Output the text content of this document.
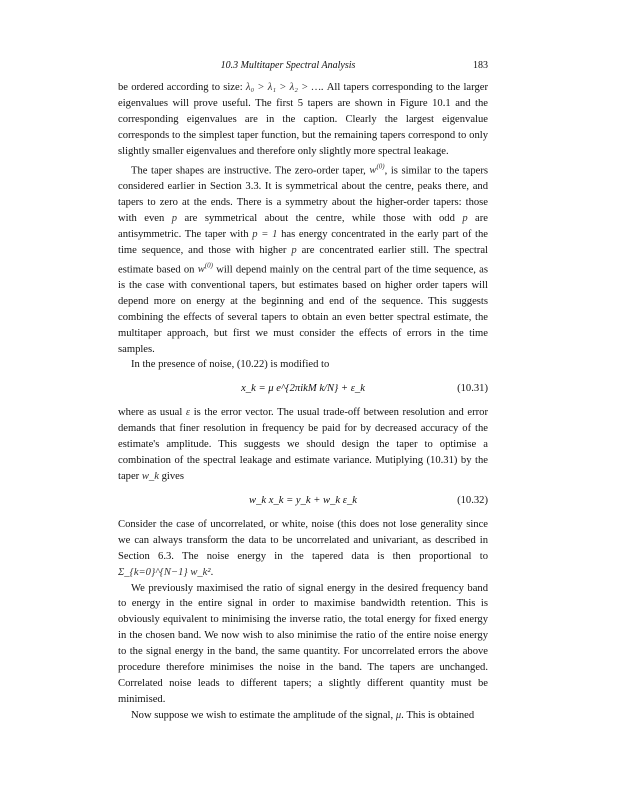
10.3 Multitaper Spectral Analysis	183

be ordered according to size: λ₀ > λ₁ > λ₂ > …. All tapers corresponding to the larger eigenvalues will prove useful. The first 5 tapers are shown in Figure 10.1 and the corresponding eigenvalues are in the caption. Clearly the largest eigenvalue corresponds to the simplest taper function, but the remaining tapers correspond to only slightly smaller eigenvalues and therefore only slightly more spectral leakage.

The taper shapes are instructive. The zero-order taper, $w^{(0)}$, is similar to the tapers considered earlier in Section 3.3. It is symmetrical about the centre, peaks there, and tapers to zero at the ends. There is a symmetry about the higher-order tapers: those with even p are symmetrical about the centre, while those with odd p are antisymmetric. The taper with p = 1 has energy concentrated in the early part of the time sequence, and those with higher p are concentrated earlier still. The spectral estimate based on $w^{(0)}$ will depend mainly on the central part of the time sequence, as is the case with conventional tapers, but estimates based on higher order tapers will depend more on energy at the beginning and end of the sequence. This suggests combining the effects of several tapers to obtain an even better spectral estimate, the multitaper approach, but first we must consider the effects of errors in the time samples.

In the presence of noise, (10.22) is modified to

x_k = μ e^{2πikM k/N} + ε_k	(10.31)

where as usual ε is the error vector. The usual trade-off between resolution and error demands that finer resolution in frequency be paid for by decreased accuracy of the estimate's amplitude. This suggests we should design the taper to optimise a combination of the spectral leakage and estimate variance. Mutiplying (10.31) by the taper w_k gives

w_k x_k = y_k + w_k ε_k	(10.32)

Consider the case of uncorrelated, or white, noise (this does not lose generality since we can always transform the data to be uncorrelated and univariant, as described in Section 6.3. The noise energy in the tapered data is then proportional to Σ_{k=0}^{N−1} w_k².

We previously maximised the ratio of signal energy in the desired frequency band to energy in the entire signal in order to maximise bandwidth retention. This is obviously equivalent to minimising the inverse ratio, the total energy for fixed energy in the chosen band. We now wish to also minimise the ratio of the entire noise energy to the signal energy in the band, the same quantity. For uncorrelated errors the above procedure therefore minimises the noise in the band. The tapers are unchanged. Correlated noise leads to different tapers; a slightly different quantity must be minimised.

Now suppose we wish to estimate the amplitude of the signal, μ. This is obtained
